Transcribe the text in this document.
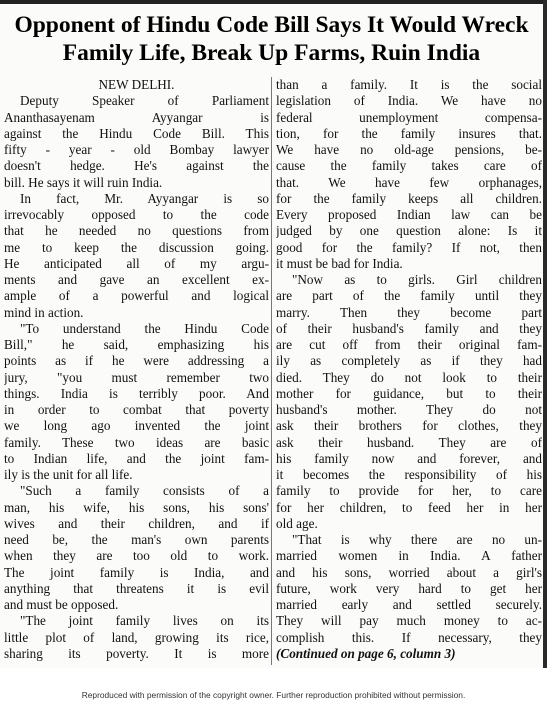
Opponent of Hindu Code Bill Says It Would Wreck
Family Life, Break Up Farms, Ruin India
NEW DELHI.
Deputy Speaker of Parliament
Ananthasayenam Ayyangar is
against the Hindu Code Bill. This
fifty - year - old Bombay lawyer
doesn't hedge. He's against the
bill. He says it will ruin India.
In fact, Mr. Ayyangar is so
irrevocably opposed to the code
that he needed no questions from
me to keep the discussion going.
He anticipated all of my argu-
ments and gave an excellent ex-
ample of a powerful and logical
mind in action.
"To understand the Hindu Code
Bill," he said, emphasizing his
points as if he were addressing a
jury, "you must remember two
things. India is terribly poor. And
in order to combat that poverty
we long ago invented the joint
family. These two ideas are basic
to Indian life, and the joint fam-
ily is the unit for all life.
"Such a family consists of a
man, his wife, his sons, his sons'
wives and their children, and if
need be, the man's own parents
when they are too old to work.
The joint family is India, and
anything that threatens it is evil
and must be opposed.
"The joint family lives on its
little plot of land, growing its rice,
sharing its poverty. It is more
than a family. It is the social
legislation of India. We have no
federal unemployment compensa-
tion, for the family insures that.
We have no old-age pensions, be-
cause the family takes care of
that. We have few orphanages,
for the family keeps all children.
Every proposed Indian law can be
judged by one question alone: Is it
good for the family? If not, then
it must be bad for India.
"Now as to girls. Girl children
are part of the family until they
marry. Then they become part
of their husband's family and they
are cut off from their original fam-
ily as completely as if they had
died. They do not look to their
mother for guidance, but to their
husband's mother. They do not
ask their brothers for clothes, they
ask their husband. They are of
his family now and forever, and
it becomes the responsibility of his
family to provide for her, to care
for her children, to feed her in her
old age.
"That is why there are no un-
married women in India. A father
and his sons, worried about a girl's
future, work very hard to get her
married early and settled securely.
They will pay much money to ac-
complish this. If necessary, they
(Continued on page 6, column 3)
Reproduced with permission of the copyright owner. Further reproduction prohibited without permission.
